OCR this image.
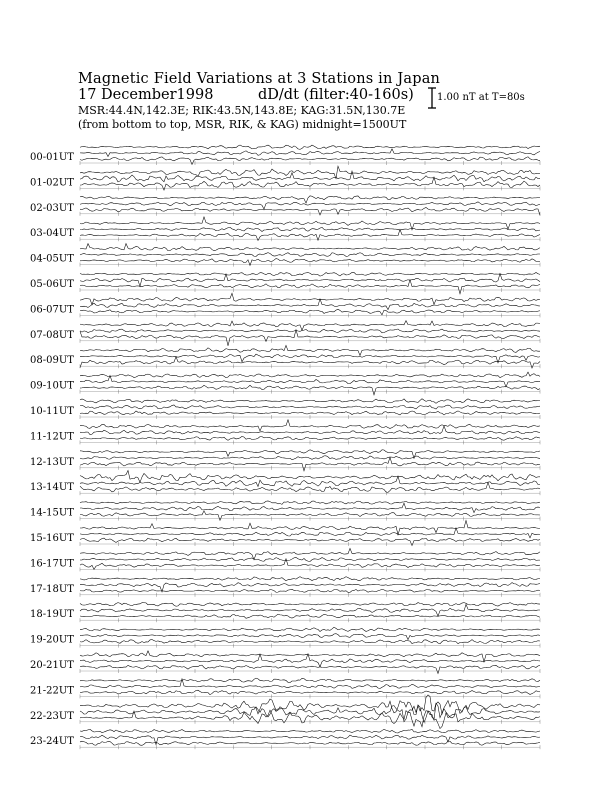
Magnetic Field Variations at 3 Stations in Japan
17 December1998	dD/dt (filter:40-160s)
MSR:44.4N,142.3E; RIK:43.5N,143.8E; KAG:31.5N,130.7E
(from bottom to top, MSR, RIK, & KAG) midnight=1500UT
1.00 nT at T=80s
00-01UT
01-02UT
02-03UT
03-04UT
04-05UT
05-06UT
06-07UT
07-08UT
08-09UT
09-10UT
10-11UT
11-12UT
12-13UT
13-14UT
14-15UT
15-16UT
16-17UT
17-18UT
18-19UT
19-20UT
20-21UT
21-22UT
22-23UT
23-24UT
